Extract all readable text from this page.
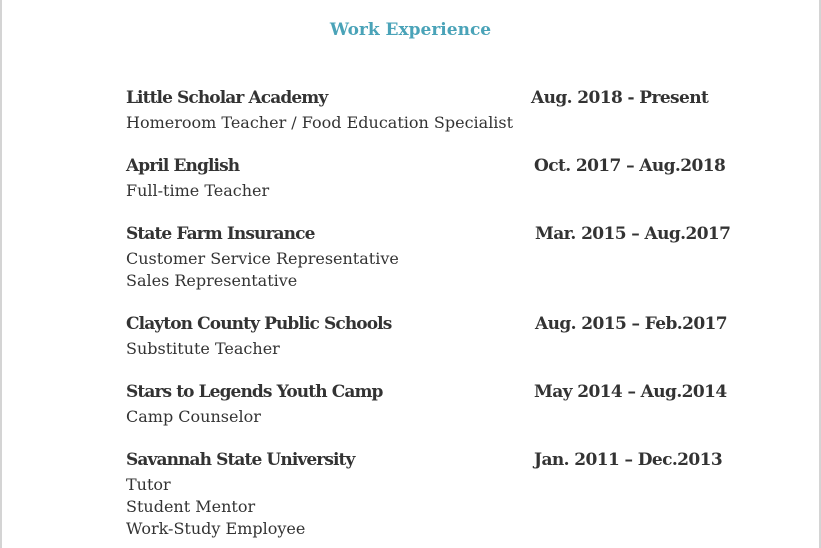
Work Experience
Little Scholar Academy	Aug. 2018 - Present
Homeroom Teacher / Food Education Specialist
April English	Oct. 2017 – Aug.2018
Full-time Teacher
State Farm Insurance	Mar. 2015 – Aug.2017
Customer Service Representative
Sales Representative
Clayton County Public Schools	Aug. 2015 – Feb.2017
Substitute Teacher
Stars to Legends Youth Camp	May 2014 – Aug.2014
Camp Counselor
Savannah State University	Jan. 2011 – Dec.2013
Tutor
Student Mentor
Work-Study Employee
